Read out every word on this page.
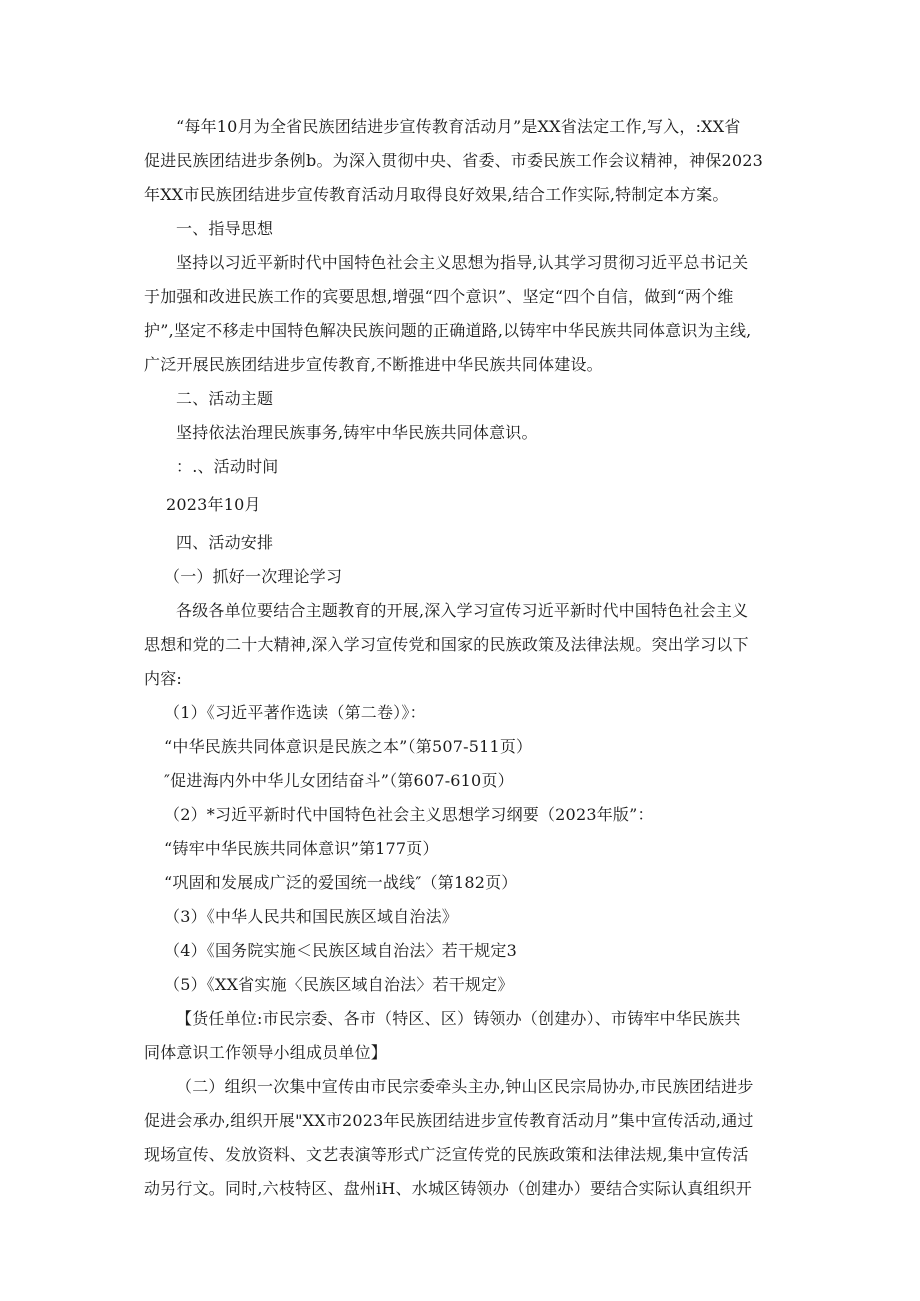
“每年10月为全省民族团结进步宣传教育活动月”是XX省法定工作,写入，:XX省

促进民族团结进步条例b。为深入贯彻中央、省委、市委民族工作会议精神，神保2023

年XX市民族团结进步宣传教育活动月取得良好效果,结合工作实际,特制定本方案。

一、指导思想

坚持以习近平新时代中国特色社会主义思想为指导,认其学习贯彻习近平总书记关

于加强和改进民族工作的宾要思想,增强“四个意识”、坚定“四个自信，做到“两个维

护”,坚定不移走中国特色解决民族问题的正确道路,以铸牢中华民族共同体意识为主线,

广泛开展民族团结进步宣传教育,不断推进中华民族共同体建设。

二、活动主题

坚持依法治理民族事务,铸牢中华民族共同体意识。

：.、活动时间

2023年10月

四、活动安排

（一）抓好一次理论学习

各级各单位要结合主题教育的开展,深入学习宣传习近平新时代中国特色社会主义

思想和党的二十大精神,深入学习宣传党和国家的民族政策及法律法规。突出学习以下

内容:

（1）《习近平著作选读（第二卷）》：

“中华民族共同体意识是民族之本”（第507-511页）

″促进海内外中华儿女团结奋斗”（第607-610页）

（2）*习近平新时代中国特色社会主义思想学习纲要（2023年版”：

“铸牢中华民族共同体意识”第177页）

“巩固和发展成广泛的爱国统一战线″（第182页）

（3）《中华人民共和国民族区域自治法》

（4）《国务院实施＜民族区域自治法〉若干规定3

（5）《XX省实施〈民族区域自治法〉若干规定》

【货任单位:市民宗委、各市（特区、区）铸领办（创建办）、市铸牢中华民族共

同体意识工作领导小组成员单位】

（二）组织一次集中宣传由市民宗委牵头主办,钟山区民宗局协办,市民族团结进步

促进会承办,组织开展"XX市2023年民族团结进步宣传教育活动月”集中宣传活动,通过

现场宣传、发放资料、文艺表演等形式广泛宣传党的民族政策和法律法规,集中宣传活

动另行文。同时,六枝特区、盘州iH、水城区铸领办（创建办）要结合实际认真组织开
